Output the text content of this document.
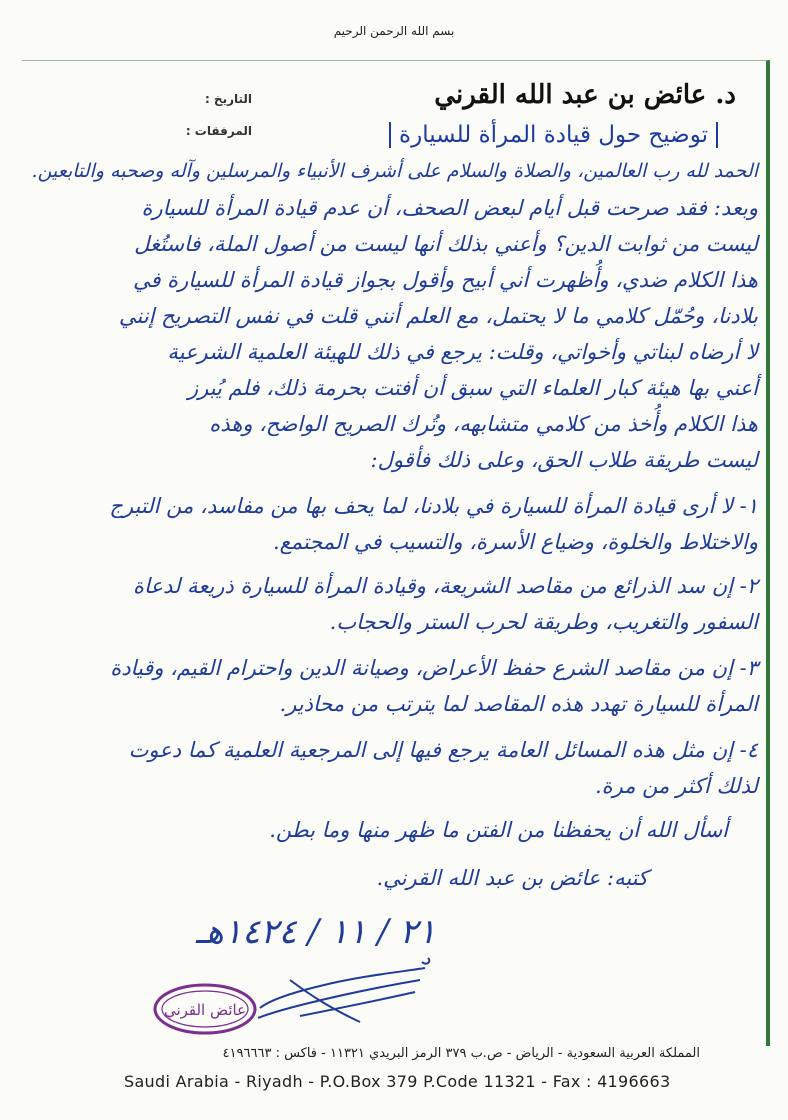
بسم الله الرحمن الرحيم
د. عائض بن عبد الله القرني
التاريخ :
المرفقات :	توضيح حول قيادة المرأة للسيارة
الحمد لله رب العالمين، والصلاة والسلام على أشرف الأنبياء والمرسلين وآله وصحبه والتابعين.
وبعد: فقد صرحت قبل أيام لبعض الصحف، أن عدم قيادة المرأة للسيارة
ليست من ثوابت الدين؟ وأعني بذلك أنها ليست من أصول الملة، فاستُغل
هذا الكلام ضدي، وأُظهرت أني أبيح وأقول بجواز قيادة المرأة للسيارة في
بلادنا، وحُمّل كلامي ما لا يحتمل، مع العلم أنني قلت في نفس التصريح إنني
لا أرضاه لبناتي وأخواتي، وقلت: يرجع في ذلك للهيئة العلمية الشرعية
أعني بها هيئة كبار العلماء التي سبق أن أفتت بحرمة ذلك، فلم يُبرز
هذا الكلام وأُخذ من كلامي متشابهه، وتُرك الصريح الواضح، وهذه
ليست طريقة طلاب الحق، وعلى ذلك فأقول:
١- لا أرى قيادة المرأة للسيارة في بلادنا، لما يحف بها من مفاسد، من التبرج
والاختلاط والخلوة، وضياع الأسرة، والتسيب في المجتمع.
٢- إن سد الذرائع من مقاصد الشريعة، وقيادة المرأة للسيارة ذريعة لدعاة
السفور والتغريب، وطريقة لحرب الستر والحجاب.
٣- إن من مقاصد الشرع حفظ الأعراض، وصيانة الدين واحترام القيم، وقيادة
المرأة للسيارة تهدد هذه المقاصد لما يترتب من محاذير.
٤- إن مثل هذه المسائل العامة يرجع فيها إلى المرجعية العلمية كما دعوت
لذلك أكثر من مرة.
أسأل الله أن يحفظنا من الفتن ما ظهر منها وما بطن.
كتبه: عائض بن عبد الله القرني.
٢١ / ١١ / ١٤٢٤هـ
عائض القرني
المملكة العربية السعودية - الرياض - ص.ب ٣٧٩ الرمز البريدي ١١٣٢١ - فاكس : ٤١٩٦٦٦٣
Saudi Arabia - Riyadh - P.O.Box 379 P.Code 11321 - Fax : 4196663
